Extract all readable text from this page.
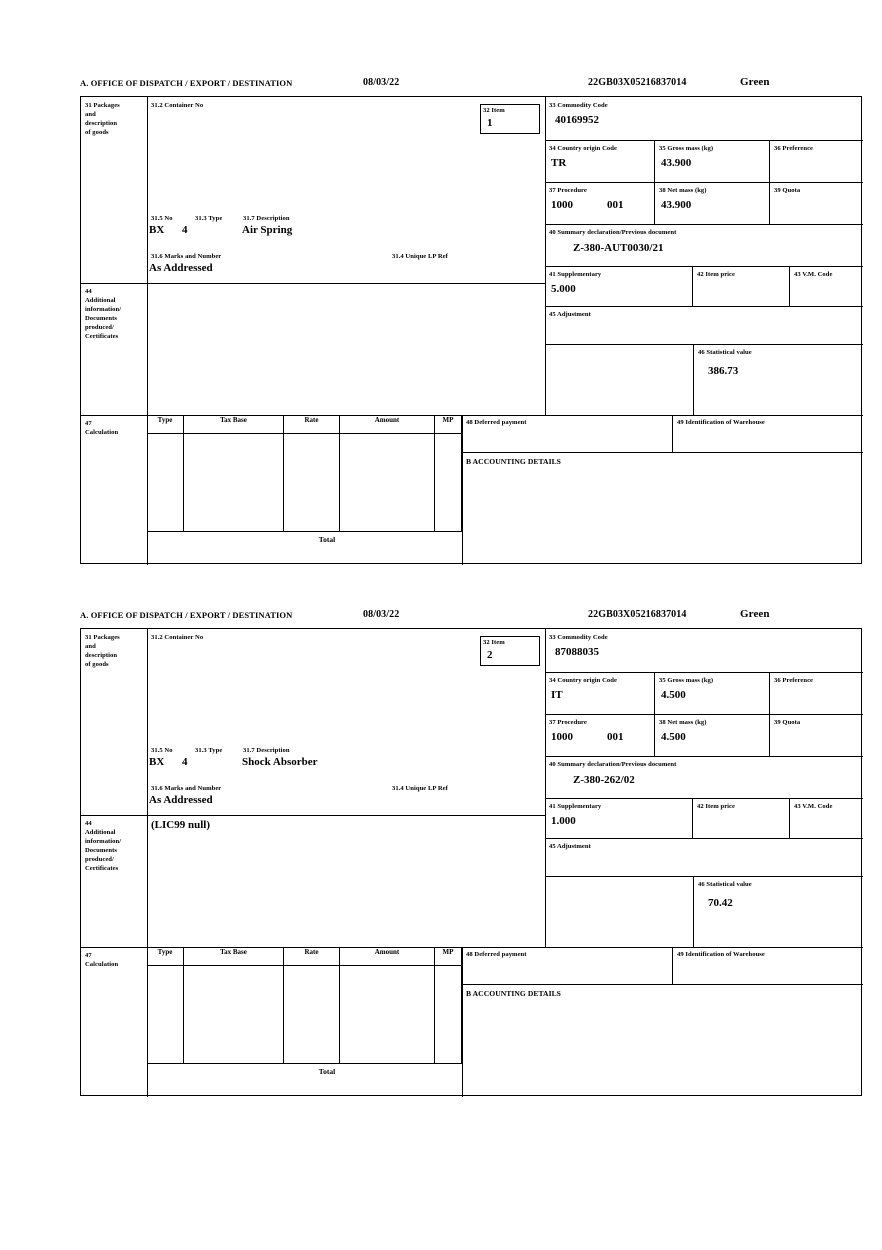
A. OFFICE OF DISPATCH / EXPORT / DESTINATION	08/03/22	22GB03X05216837014	Green
31 Packages
and
description
of goods
31.2 Container No
31.5 No	31.3 Type	31.7 Description
BX 4	Air Spring
31.6 Marks and Number	31.4 Unique LP Ref
As Addressed
32 Item
1
33 Commodity Code
40169952
34 Country origin Code
TR
35 Gross mass (kg)
43.900
36 Preference
37 Procedure
1000	001
38 Net mass (kg)
43.900
39 Quota
40 Summary declaration/Previous document
Z-380-AUT0030/21
41 Supplementary
5.000
42 Item price	43 V.M. Code
45 Adjustment
46 Statistical value
386.73
44
Additional
information/
Documents
produced/
Certificates
47
Calculation
Type	Tax Base	Rate	Amount	MP
Total
48 Deferred payment	49 Identification of Warehouse
B ACCOUNTING DETAILS
A. OFFICE OF DISPATCH / EXPORT / DESTINATION	08/03/22	22GB03X05216837014	Green
31 Packages
and
description
of goods
31.2 Container No
31.5 No	31.3 Type	31.7 Description
BX 4	Shock Absorber
31.6 Marks and Number	31.4 Unique LP Ref
As Addressed
32 Item
2
33 Commodity Code
87088035
34 Country origin Code
IT
35 Gross mass (kg)
4.500
36 Preference
37 Procedure
1000	001
38 Net mass (kg)
4.500
39 Quota
40 Summary declaration/Previous document
Z-380-262/02
41 Supplementary
1.000
42 Item price	43 V.M. Code
45 Adjustment
46 Statistical value
70.42
44
Additional
information/
Documents
produced/
Certificates
(LIC99 null)
47
Calculation
Type	Tax Base	Rate	Amount	MP
Total
48 Deferred payment	49 Identification of Warehouse
B ACCOUNTING DETAILS
